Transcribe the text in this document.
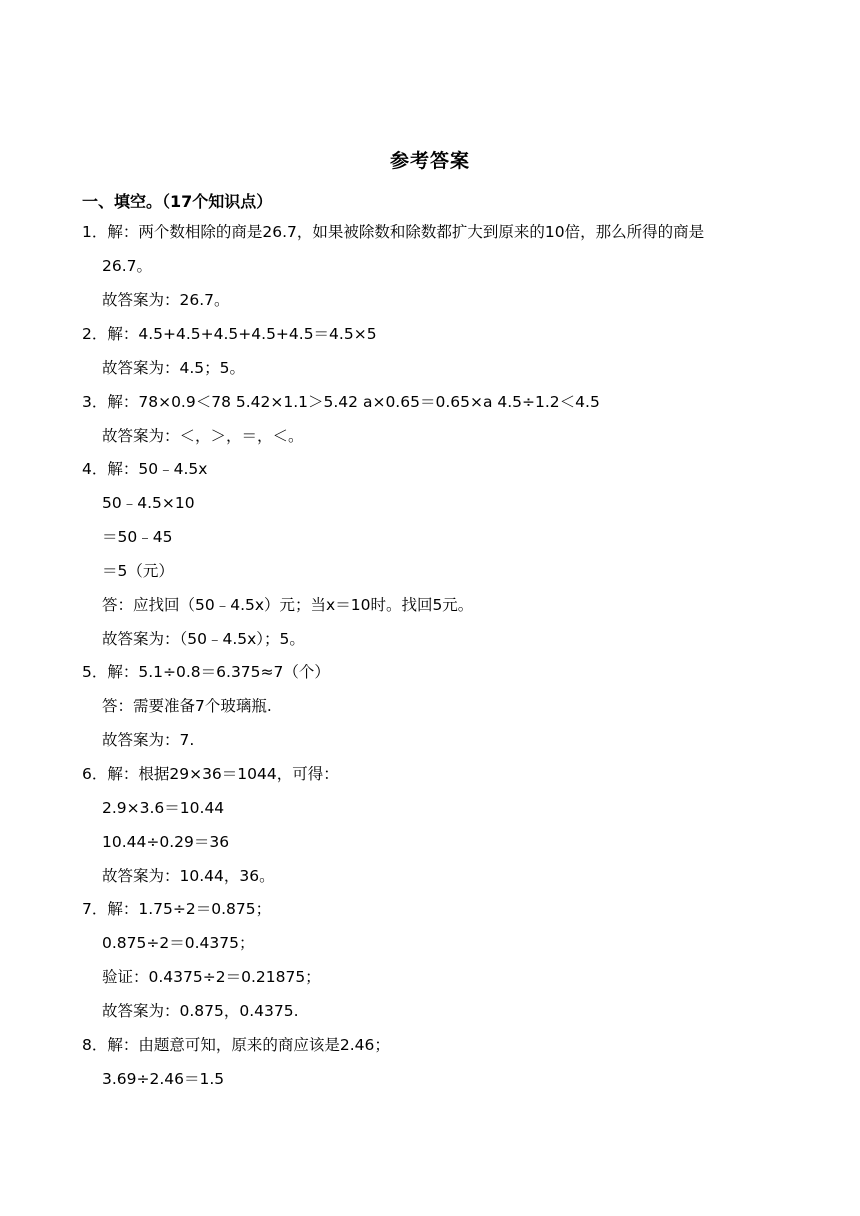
参考答案
一、填空。（17个知识点）
1．解：两个数相除的商是26.7，如果被除数和除数都扩大到原来的10倍，那么所得的商是
26.7。
故答案为：26.7。
2．解：4.5+4.5+4.5+4.5+4.5＝4.5×5
故答案为：4.5；5。
3．解：78×0.9＜78 5.42×1.1＞5.42 a×0.65＝0.65×a 4.5÷1.2＜4.5
故答案为：＜，＞，＝，＜。
4．解：50﹣4.5x
50﹣4.5×10
＝50﹣45
＝5（元）
答：应找回（50﹣4.5x）元；当x＝10时。找回5元。
故答案为：（50﹣4.5x）；5。
5．解：5.1÷0.8＝6.375≈7（个）
答：需要准备7个玻璃瓶.
故答案为：7.
6．解：根据29×36＝1044，可得：
2.9×3.6＝10.44
10.44÷0.29＝36
故答案为：10.44，36。
7．解：1.75÷2＝0.875；
0.875÷2＝0.4375；
验证：0.4375÷2＝0.21875；
故答案为：0.875，0.4375.
8．解：由题意可知，原来的商应该是2.46；
3.69÷2.46＝1.5
